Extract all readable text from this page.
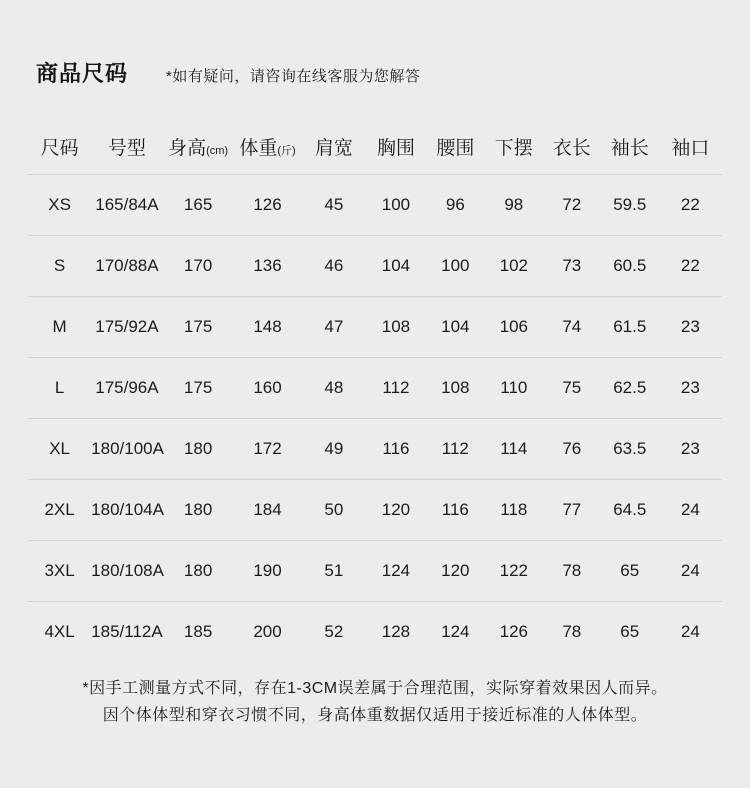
商品尺码	*如有疑问，请咨询在线客服为您解答
尺码	号型	身高(cm)	体重(斤)	肩宽	胸围	腰围	下摆	衣长	袖长	袖口
XS	165/84A	165	126	45	100	96	98	72	59.5	22
S	170/88A	170	136	46	104	100	102	73	60.5	22
M	175/92A	175	148	47	108	104	106	74	61.5	23
L	175/96A	175	160	48	112	108	110	75	62.5	23
XL	180/100A	180	172	49	116	112	114	76	63.5	23
2XL	180/104A	180	184	50	120	116	118	77	64.5	24
3XL	180/108A	180	190	51	124	120	122	78	65	24
4XL	185/112A	185	200	52	128	124	126	78	65	24
*因手工测量方式不同，存在1-3CM误差属于合理范围，实际穿着效果因人而异。
因个体体型和穿衣习惯不同，身高体重数据仅适用于接近标准的人体体型。
